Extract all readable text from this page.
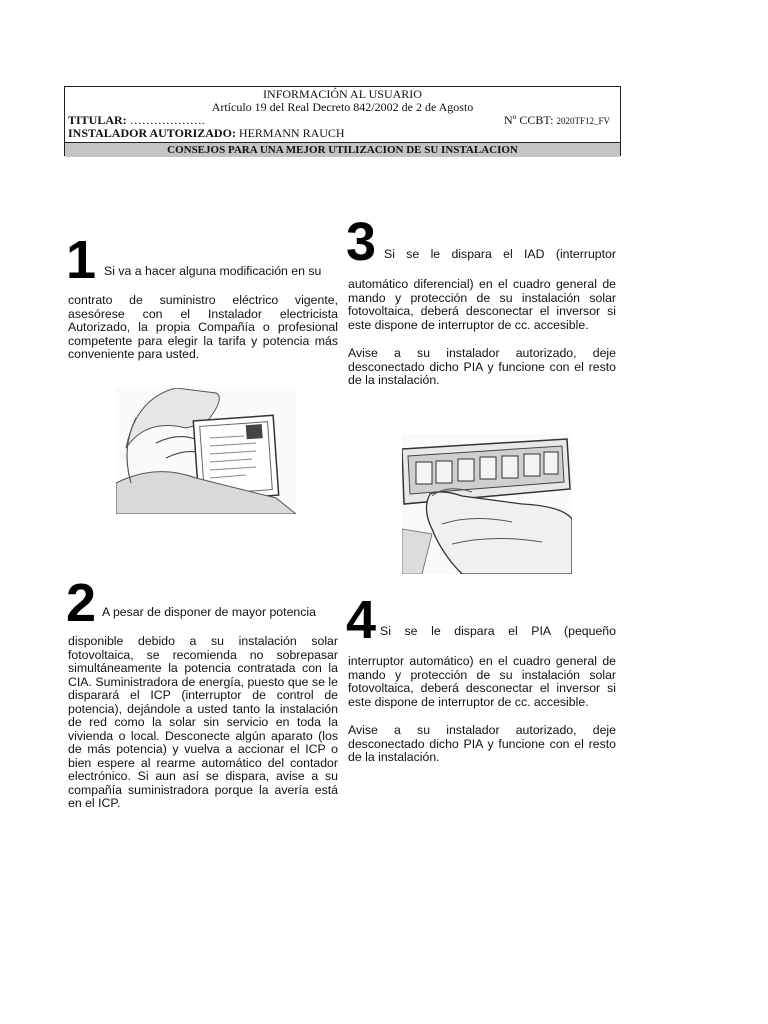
INFORMACIÓN AL USUARIO
Artículo 19 del Real Decreto 842/2002 de 2 de Agosto
TITULAR: ……………….	Nº CCBT: 2020TF12_FV
INSTALADOR AUTORIZADO: HERMANN RAUCH
CONSEJOS PARA UNA MEJOR UTILIZACION DE SU INSTALACION
1 Si va a hacer alguna modificación en su
contrato de suministro eléctrico vigente, asesórese con el Instalador electricista Autorizado, la propia Compañía o profesional competente para elegir la tarifa y potencia más conveniente para usted.
3 Si se le dispara el IAD (interruptor
automático diferencial) en el cuadro general de mando y protección de su instalación solar fotovoltaica, deberá desconectar el inversor si este dispone de interruptor de cc. accesible.
Avise a su instalador autorizado, deje desconectado dicho PIA y funcione con el resto de la instalación.
2 A pesar de disponer de mayor potencia
disponible debido a su instalación solar fotovoltaica, se recomienda no sobrepasar simultáneamente la potencia contratada con la CIA. Suministradora de energía, puesto que se le disparará el ICP (interruptor de control de potencia), dejándole a usted tanto la instalación de red como la solar sin servicio en toda la vivienda o local. Desconecte algún aparato (los de más potencia) y vuelva a accionar el ICP o bien espere al rearme automático del contador electrónico. Si aun así se dispara, avise a su compañía suministradora porque la avería está en el ICP.
4 Si se le dispara el PIA (pequeño
interruptor automático) en el cuadro general de mando y protección de su instalación solar fotovoltaica, deberá desconectar el inversor si este dispone de interruptor de cc. accesible.
Avise a su instalador autorizado, deje desconectado dicho PIA y funcione con el resto de la instalación.
